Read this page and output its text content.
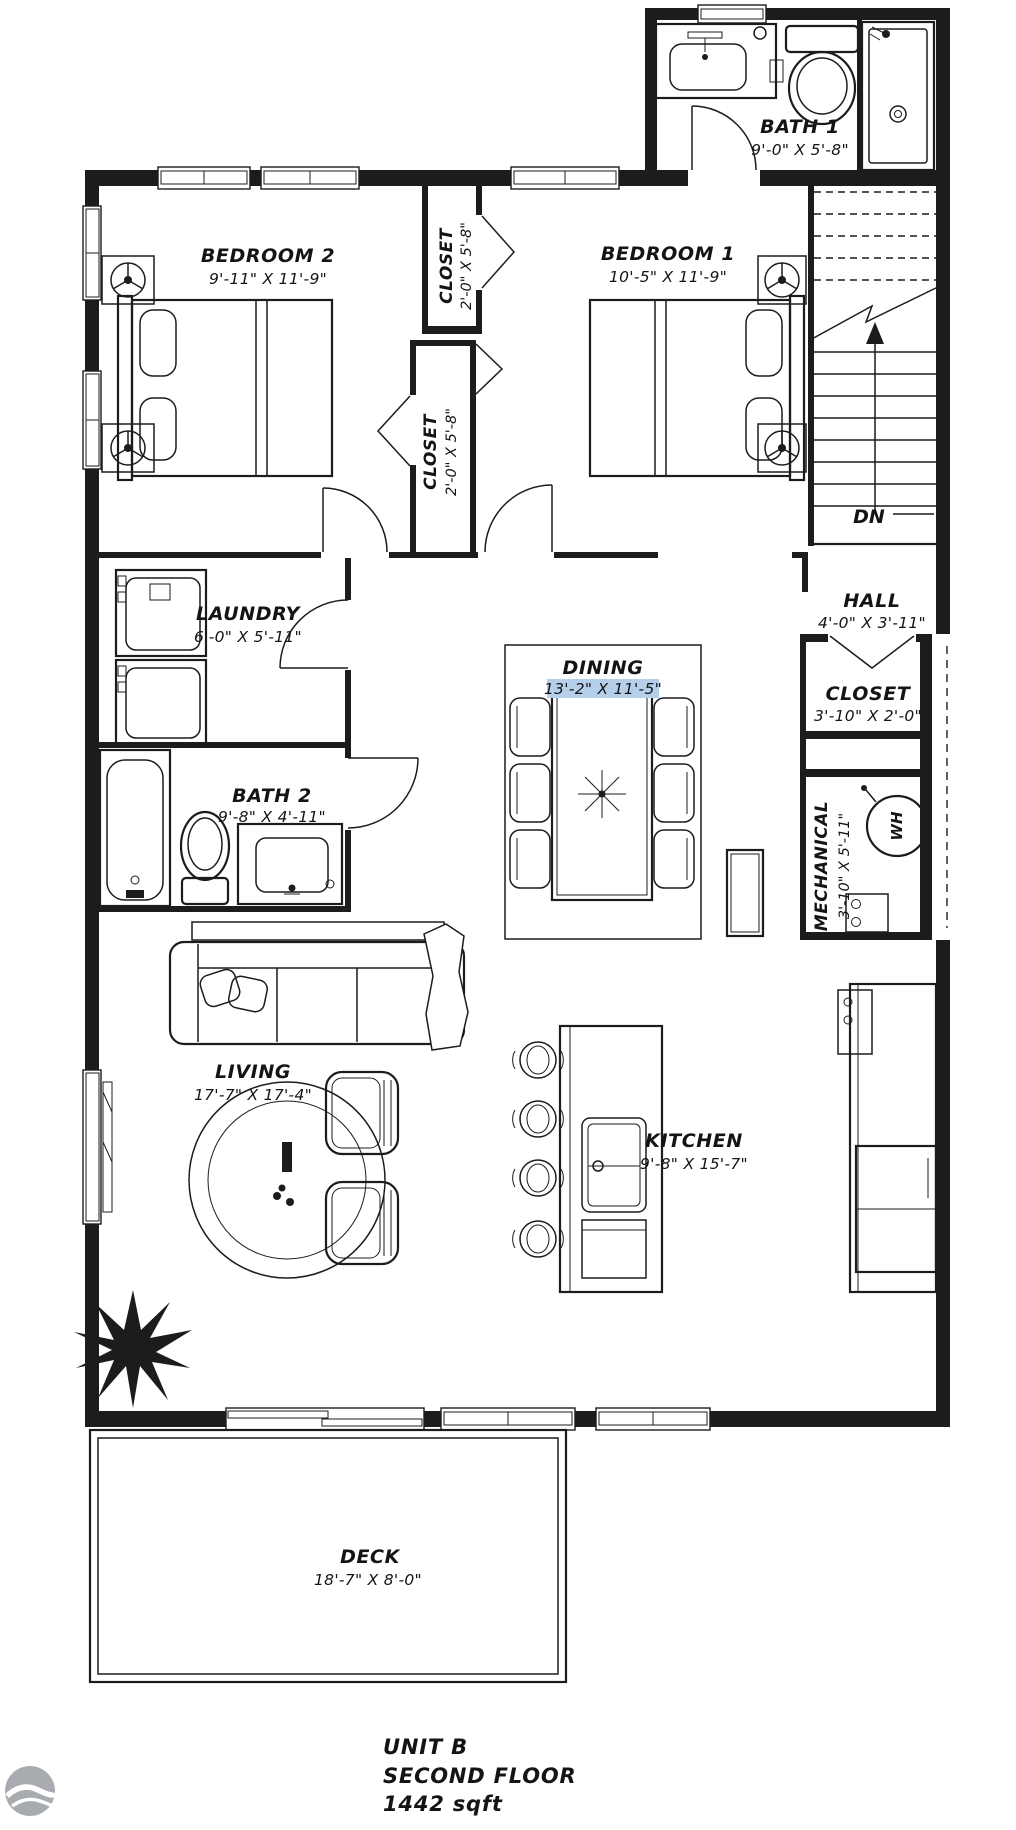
DN
BATH 1
9'-0" X 5'-8"
BEDROOM 2
9'-11" X 11'-9"
BEDROOM 1
10'-5" X 11'-9"
CLOSET 2'-0" X 5'-8"
CLOSET 2'-0" X 5'-8"
HALL
4'-0" X 3'-11"
CLOSET
3'-10" X 2'-0"
WH
MECHANICAL 3'-10" X 5'-11"
LAUNDRY
6'-0" X 5'-11"
BATH 2
9'-8" X 4'-11"
DINING
13'-2" X 11'-5"
LIVING
17'-7" X 17'-4"
KITCHEN
9'-8" X 15'-7"
DECK
18'-7" X 8'-0"
UNIT B
SECOND FLOOR
1442 sqft
